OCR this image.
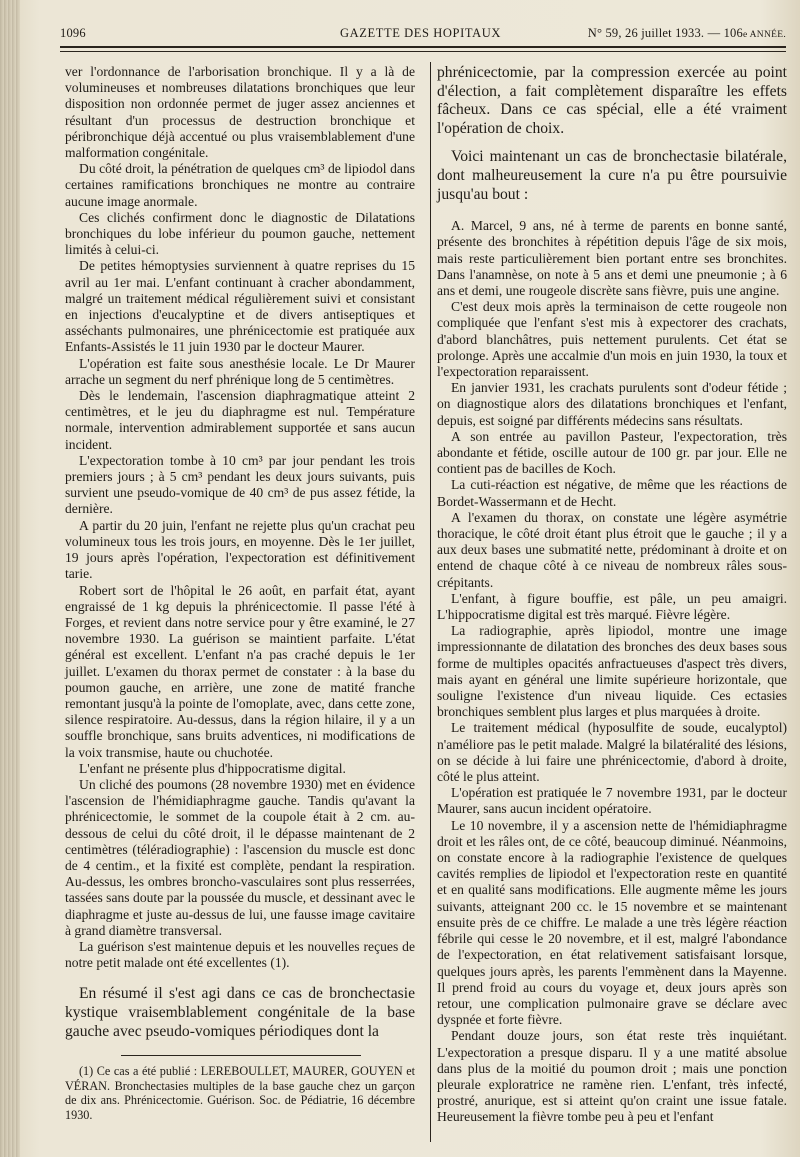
1096	GAZETTE DES HOPITAUX	N° 59, 26 juillet 1933. — 106e ANNÉE.

ver l'ordonnance de l'arborisation bronchique. Il y a là de volumineuses et nombreuses dilatations bronchiques que leur disposition non ordonnée permet de juger assez anciennes et résultant d'un processus de destruction bronchique et péribronchique déjà accentué ou plus vraisemblablement d'une malformation congénitale.

Du côté droit, la pénétration de quelques cm³ de lipiodol dans certaines ramifications bronchiques ne montre au contraire aucune image anormale.

Ces clichés confirment donc le diagnostic de Dilatations bronchiques du lobe inférieur du poumon gauche, nettement limités à celui-ci.

De petites hémoptysies surviennent à quatre reprises du 15 avril au 1er mai. L'enfant continuant à cracher abondamment, malgré un traitement médical régulièrement suivi et consistant en injections d'eucalyptine et de divers antiseptiques et asséchants pulmonaires, une phrénicectomie est pratiquée aux Enfants-Assistés le 11 juin 1930 par le docteur Maurer.

L'opération est faite sous anesthésie locale. Le Dr Maurer arrache un segment du nerf phrénique long de 5 centimètres.

Dès le lendemain, l'ascension diaphragmatique atteint 2 centimètres, et le jeu du diaphragme est nul. Température normale, intervention admirablement supportée et sans aucun incident.

L'expectoration tombe à 10 cm³ par jour pendant les trois premiers jours ; à 5 cm³ pendant les deux jours suivants, puis survient une pseudo-vomique de 40 cm³ de pus assez fétide, la dernière.

A partir du 20 juin, l'enfant ne rejette plus qu'un crachat peu volumineux tous les trois jours, en moyenne. Dès le 1er juillet, 19 jours après l'opération, l'expectoration est définitivement tarie.

Robert sort de l'hôpital le 26 août, en parfait état, ayant engraissé de 1 kg depuis la phrénicectomie. Il passe l'été à Forges, et revient dans notre service pour y être examiné, le 27 novembre 1930. La guérison se maintient parfaite. L'état général est excellent. L'enfant n'a pas craché depuis le 1er juillet. L'examen du thorax permet de constater : à la base du poumon gauche, en arrière, une zone de matité franche remontant jusqu'à la pointe de l'omoplate, avec, dans cette zone, silence respiratoire. Au-dessus, dans la région hilaire, il y a un souffle bronchique, sans bruits adventices, ni modifications de la voix transmise, haute ou chuchotée.

L'enfant ne présente plus d'hippocratisme digital.

Un cliché des poumons (28 novembre 1930) met en évidence l'ascension de l'hémidiaphragme gauche. Tandis qu'avant la phrénicectomie, le sommet de la coupole était à 2 cm. au-dessous de celui du côté droit, il le dépasse maintenant de 2 centimètres (téléradiographie) : l'ascension du muscle est donc de 4 centim., et la fixité est complète, pendant la respiration. Au-dessus, les ombres broncho-vasculaires sont plus resserrées, tassées sans doute par la poussée du muscle, et dessinant avec le diaphragme et juste au-dessus de lui, une fausse image cavitaire à grand diamètre transversal.

La guérison s'est maintenue depuis et les nouvelles reçues de notre petit malade ont été excellentes (1).

En résumé il s'est agi dans ce cas de bronchectasie kystique vraisemblablement congénitale de la base gauche avec pseudo-vomiques périodiques dont la

(1) Ce cas a été publié : LEREBOULLET, MAURER, GOUYEN et VÉRAN. Bronchectasies multiples de la base gauche chez un garçon de dix ans. Phrénicectomie. Guérison. Soc. de Pédiatrie, 16 décembre 1930.

phrénicectomie, par la compression exercée au point d'élection, a fait complètement disparaître les effets fâcheux. Dans ce cas spécial, elle a été vraiment l'opération de choix.

Voici maintenant un cas de bronchectasie bilatérale, dont malheureusement la cure n'a pu être poursuivie jusqu'au bout :

A. Marcel, 9 ans, né à terme de parents en bonne santé, présente des bronchites à répétition depuis l'âge de six mois, mais reste particulièrement bien portant entre ses bronchites. Dans l'anamnèse, on note à 5 ans et demi une pneumonie ; à 6 ans et demi, une rougeole discrète sans fièvre, puis une angine.

C'est deux mois après la terminaison de cette rougeole non compliquée que l'enfant s'est mis à expectorer des crachats, d'abord blanchâtres, puis nettement purulents. Cet état se prolonge. Après une accalmie d'un mois en juin 1930, la toux et l'expectoration reparaissent.

En janvier 1931, les crachats purulents sont d'odeur fétide ; on diagnostique alors des dilatations bronchiques et l'enfant, depuis, est soigné par différents médecins sans résultats.

A son entrée au pavillon Pasteur, l'expectoration, très abondante et fétide, oscille autour de 100 gr. par jour. Elle ne contient pas de bacilles de Koch.

La cuti-réaction est négative, de même que les réactions de Bordet-Wassermann et de Hecht.

A l'examen du thorax, on constate une légère asymétrie thoracique, le côté droit étant plus étroit que le gauche ; il y a aux deux bases une submatité nette, prédominant à droite et on entend de chaque côté à ce niveau de nombreux râles sous-crépitants.

L'enfant, à figure bouffie, est pâle, un peu amaigri. L'hippocratisme digital est très marqué. Fièvre légère.

La radiographie, après lipiodol, montre une image impressionnante de dilatation des bronches des deux bases sous forme de multiples opacités anfractueuses d'aspect très divers, mais ayant en général une limite supérieure horizontale, que souligne l'existence d'un niveau liquide. Ces ectasies bronchiques semblent plus larges et plus marquées à droite.

Le traitement médical (hyposulfite de soude, eucalyptol) n'améliore pas le petit malade. Malgré la bilatéralité des lésions, on se décide à lui faire une phrénicectomie, d'abord à droite, côté le plus atteint.

L'opération est pratiquée le 7 novembre 1931, par le docteur Maurer, sans aucun incident opératoire.

Le 10 novembre, il y a ascension nette de l'hémidiaphragme droit et les râles ont, de ce côté, beaucoup diminué. Néanmoins, on constate encore à la radiographie l'existence de quelques cavités remplies de lipiodol et l'expectoration reste en quantité et en qualité sans modifications. Elle augmente même les jours suivants, atteignant 200 cc. le 15 novembre et se maintenant ensuite près de ce chiffre. Le malade a une très légère réaction fébrile qui cesse le 20 novembre, et il est, malgré l'abondance de l'expectoration, en état relativement satisfaisant lorsque, quelques jours après, les parents l'emmènent dans la Mayenne. Il prend froid au cours du voyage et, deux jours après son retour, une complication pulmonaire grave se déclare avec dyspnée et forte fièvre.

Pendant douze jours, son état reste très inquiétant. L'expectoration a presque disparu. Il y a une matité absolue dans plus de la moitié du poumon droit ; mais une ponction pleurale exploratrice ne ramène rien. L'enfant, très infecté, prostré, anurique, est si atteint qu'on craint une issue fatale. Heureusement la fièvre tombe peu à peu et l'enfant
